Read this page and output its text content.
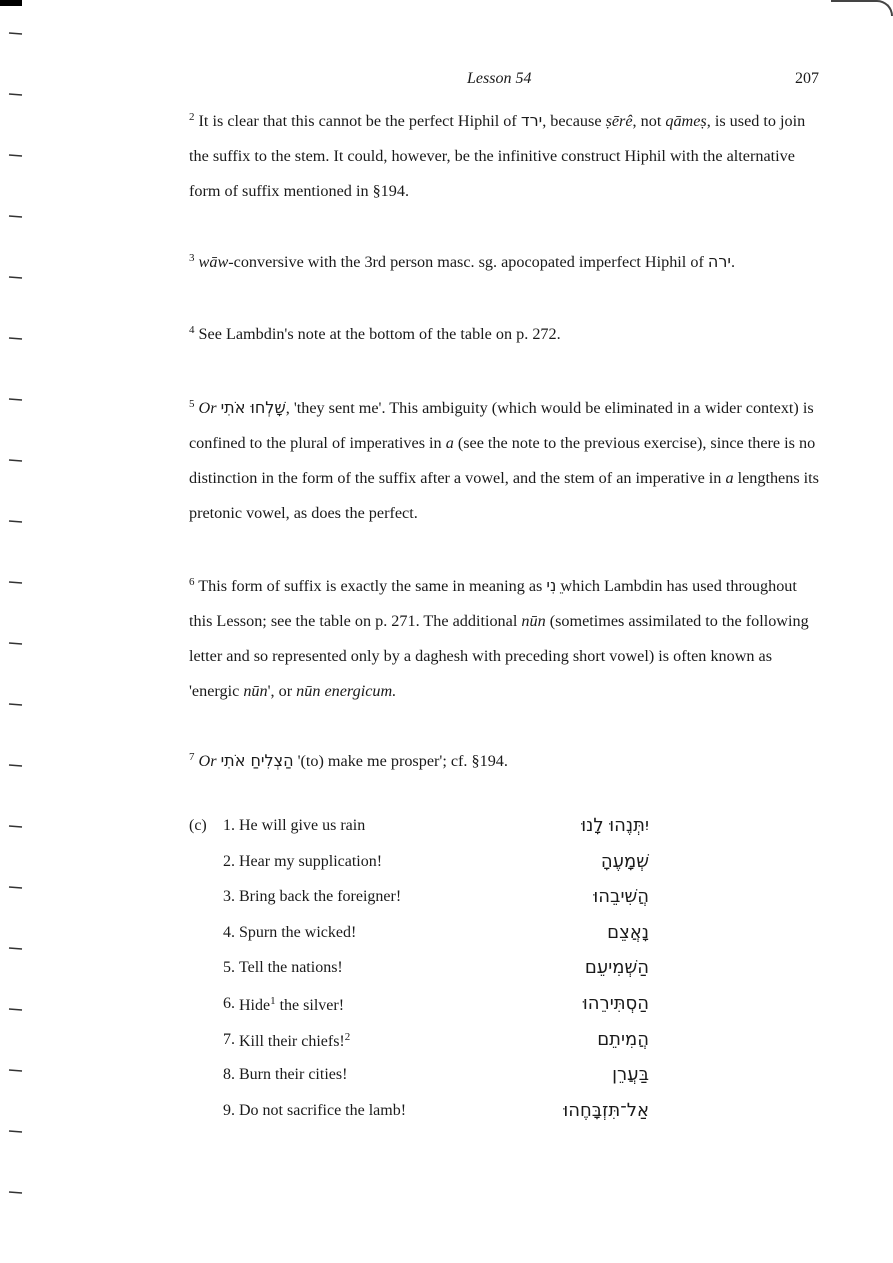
Lesson 54	207
$^2$ It is clear that this cannot be the perfect Hiphil of ירד, because ṣērê, not qāmeṣ, is used to join the suffix to the stem. It could, however, be the infinitive construct Hiphil with the alternative form of suffix mentioned in §194.
$^3$ wāw-conversive with the 3rd person masc. sg. apocopated imperfect Hiphil of ירה.
$^4$ See Lambdin's note at the bottom of the table on p. 272.
$^5$ Or שָׁלְחוּ אֹתִי, 'they sent me'. This ambiguity (which would be eliminated in a wider context) is confined to the plural of imperatives in a (see the note to the previous exercise), since there is no distinction in the form of the suffix after a vowel, and the stem of an imperative in a lengthens its pretonic vowel, as does the perfect.
$^6$ This form of suffix is exactly the same in meaning as ֵנִי which Lambdin has used throughout this Lesson; see the table on p. 271. The additional nūn (sometimes assimilated to the following letter and so represented only by a daghesh with preceding short vowel) is often known as 'energic nūn', or nūn energicum.
$^7$ Or הַצְלִיחַ אֹתִי '(to) make me prosper'; cf. §194.
(c)	1. He will give us rain	יִתְּנֶהוּ לָנוּ
2. Hear my supplication!	שְׁמָעֶהָ
3. Bring back the foreigner!	הֲשִׁיבֵהוּ
4. Spurn the wicked!	נָאֲצֵם
5. Tell the nations!	הַשְׁמִיעֵם
6. Hide$^1$ the silver!	הַסְתִּירֵהוּ
7. Kill their chiefs!$^2$	הֲמִיתֵם
8. Burn their cities!	בַּעֲרֵן
9. Do not sacrifice the lamb!	אַל־תִּזְבָּחֶהוּ
